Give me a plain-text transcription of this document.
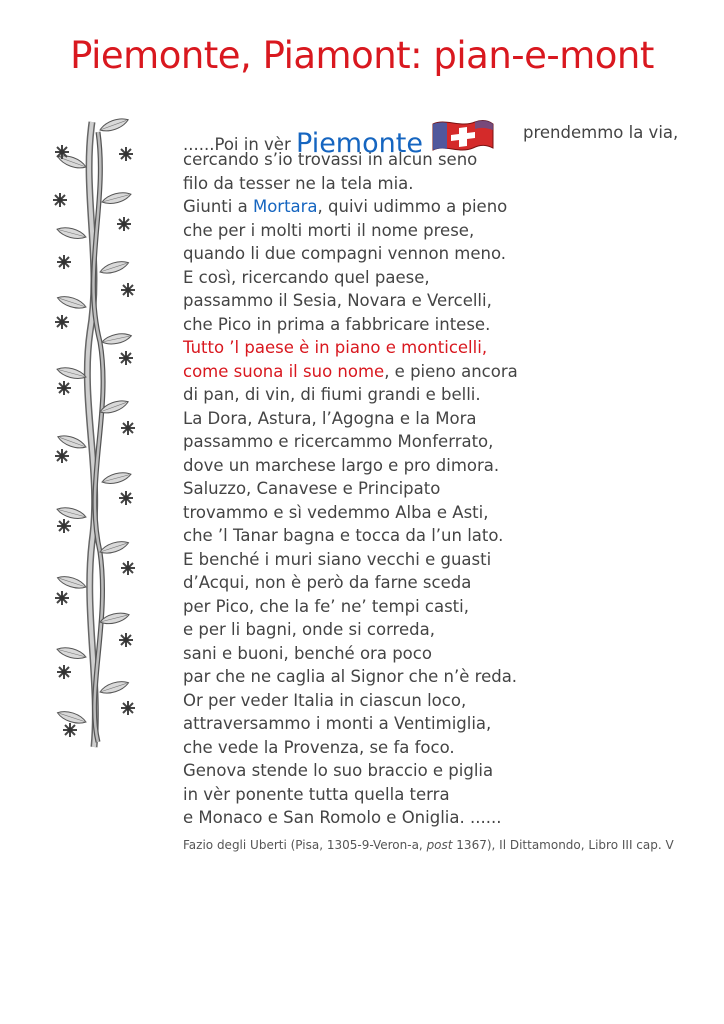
Piemonte, Piamont: pian-e-mont
......Poi in vèr Piemonte	prendemmo la via,
cercando s’io trovassi in alcun seno
filo da tesser ne la tela mia.
Giunti a Mortara, quivi udimmo a pieno
che per i molti morti il nome prese,
quando li due compagni vennon meno.
E così, ricercando quel paese,
passammo il Sesia, Novara e Vercelli,
che Pico in prima a fabbricare intese.
Tutto ’l paese è in piano e monticelli,
come suona il suo nome, e pieno ancora
di pan, di vin, di fiumi grandi e belli.
La Dora, Astura, l’Agogna e la Mora
passammo e ricercammo Monferrato,
dove un marchese largo e pro dimora.
Saluzzo, Canavese e Principato
trovammo e sì vedemmo Alba e Asti,
che ’l Tanar bagna e tocca da l’un lato.
E benché i muri siano vecchi e guasti
d’Acqui, non è però da farne sceda
per Pico, che la fe’ ne’ tempi casti,
e per li bagni, onde si correda,
sani e buoni, benché ora poco
par che ne caglia al Signor che n’è reda.
Or per veder Italia in ciascun loco,
attraversammo i monti a Ventimiglia,
che vede la Provenza, se fa foco.
Genova stende lo suo braccio e piglia
in vèr ponente tutta quella terra
e Monaco e San Romolo e Oniglia. ......
Fazio degli Uberti (Pisa, 1305-9-Veron-a, post 1367), Il Dittamondo, Libro III cap. V
